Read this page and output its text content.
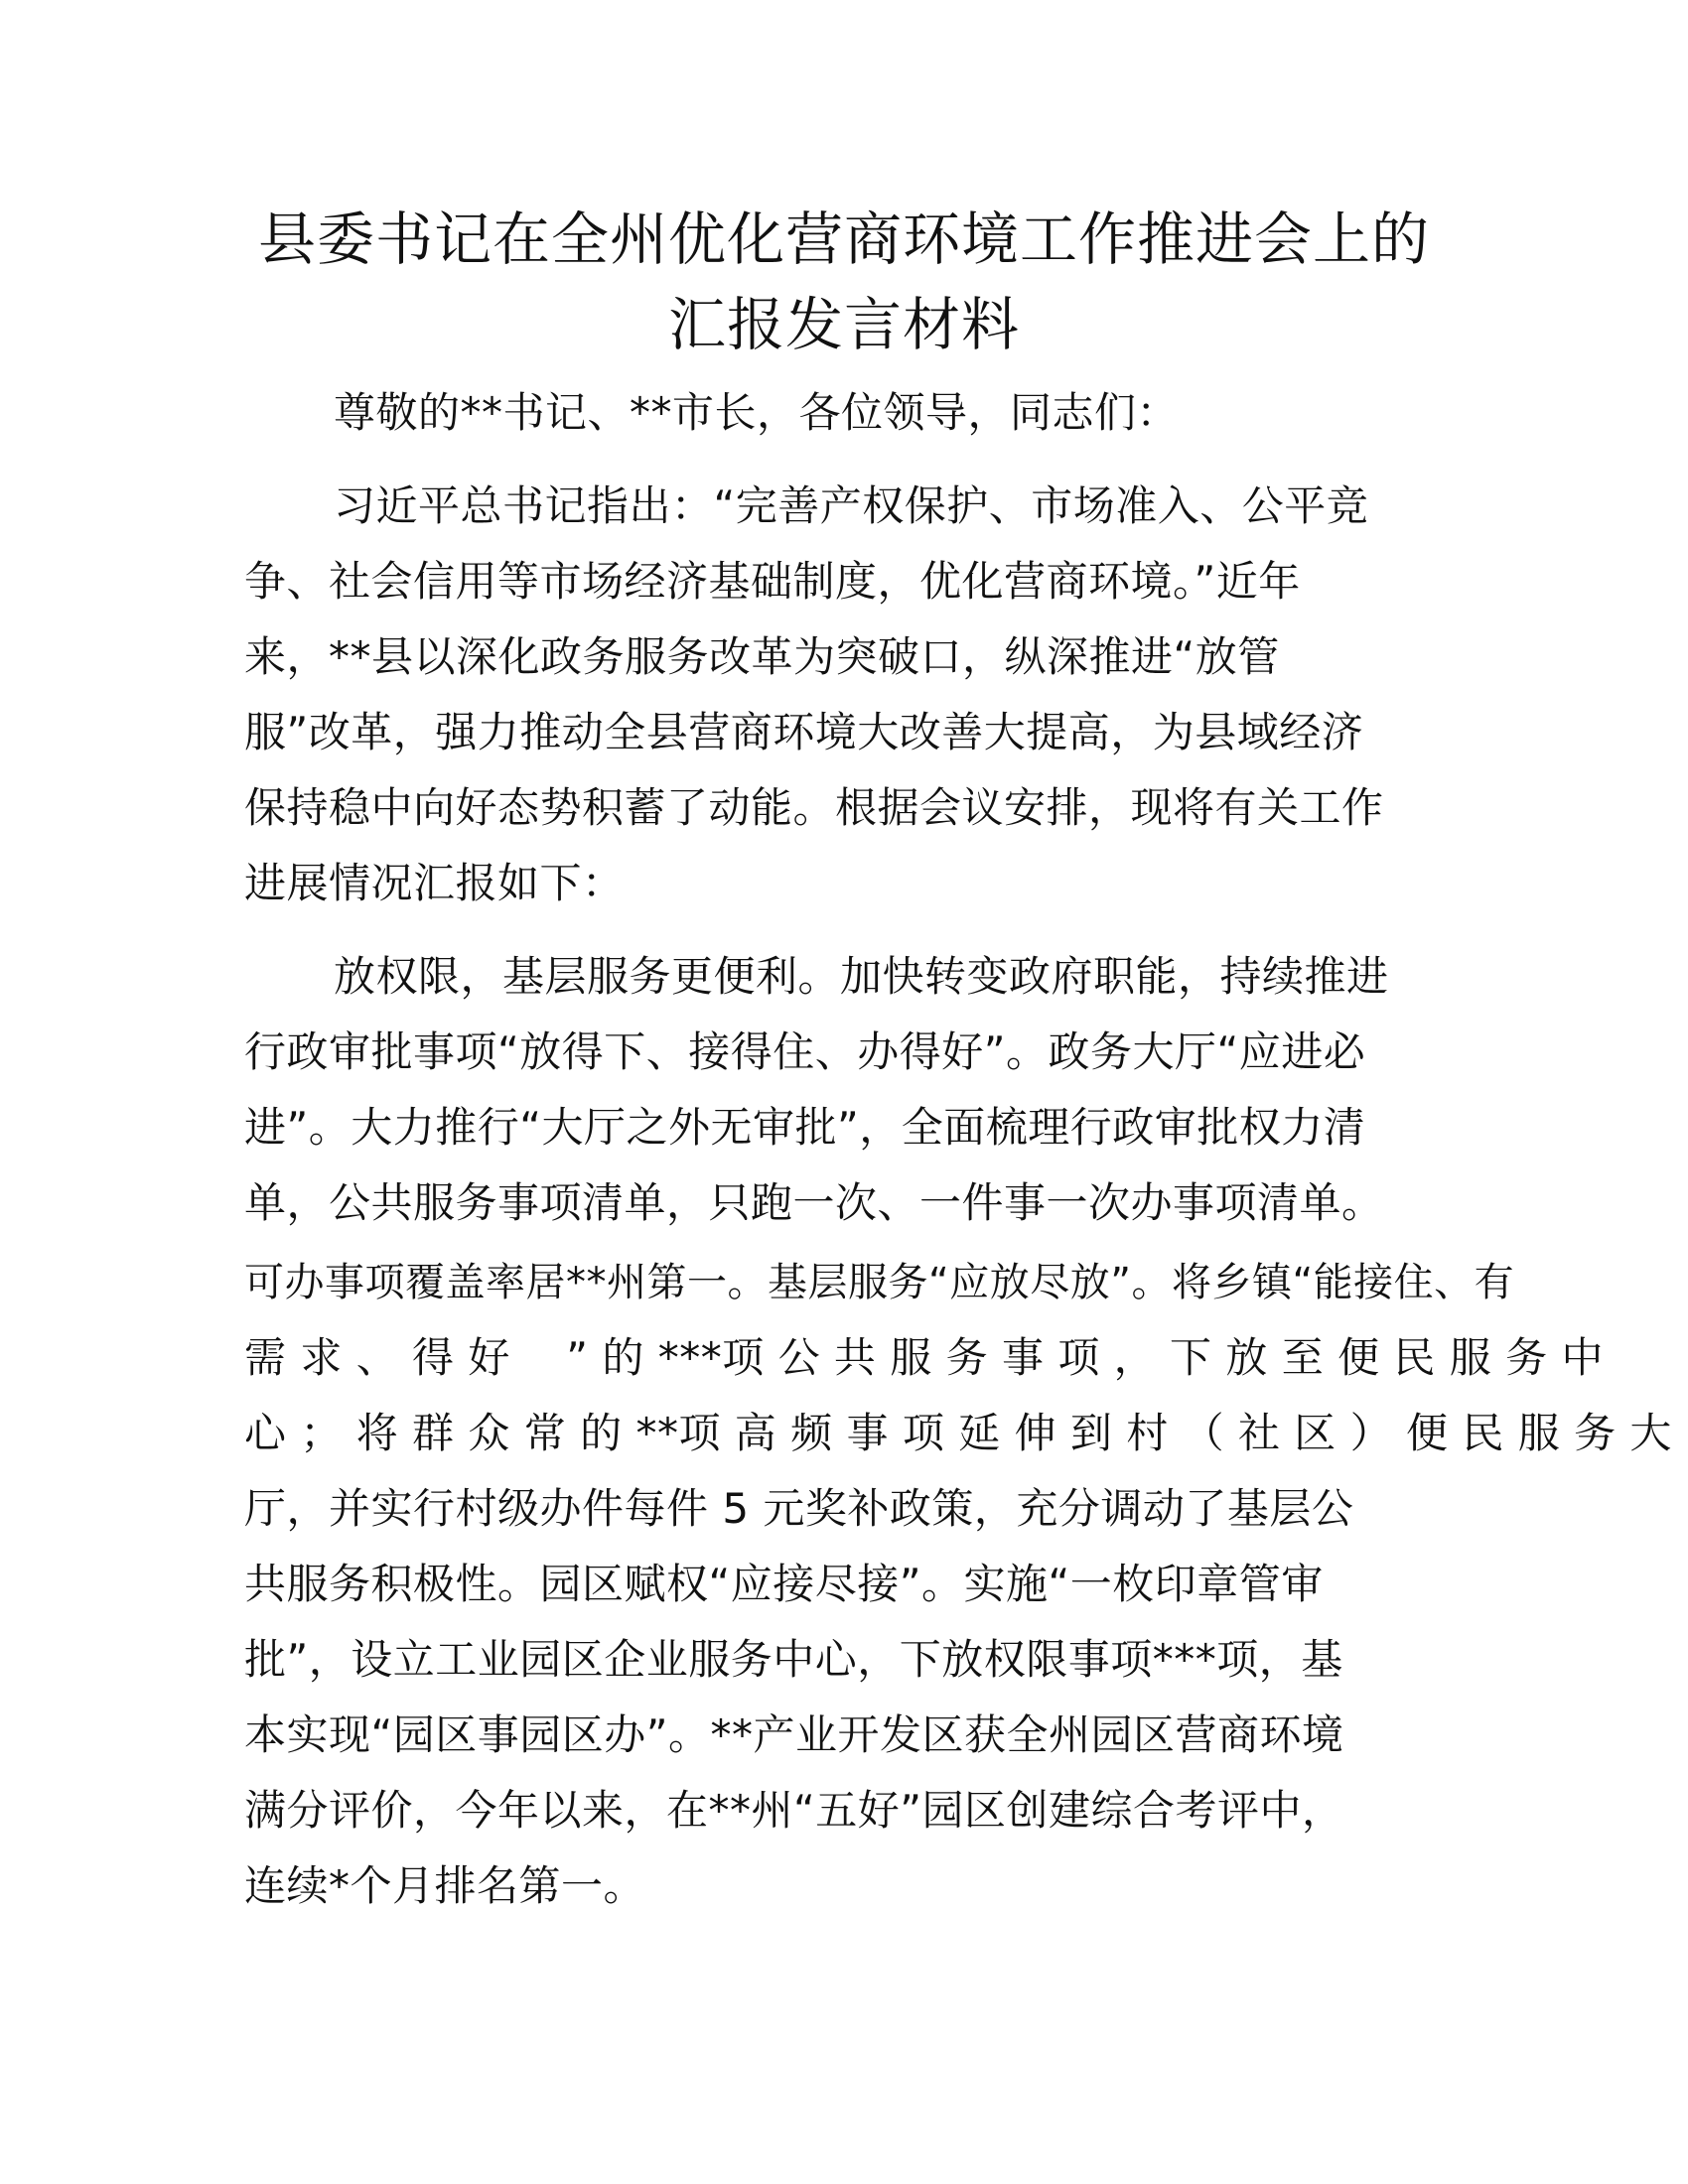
县委书记在全州优化营商环境工作推进会上的
汇报发言材料
尊敬的**书记、**市长，各位领导，同志们：
习近平总书记指出：“完善产权保护、市场准入、公平竞
争、社会信用等市场经济基础制度，优化营商环境。”近年
来，**县以深化政务服务改革为突破口，纵深推进“放管
服”改革，强力推动全县营商环境大改善大提高，为县域经济
保持稳中向好态势积蓄了动能。根据会议安排，现将有关工作
进展情况汇报如下：
放权限，基层服务更便利。加快转变政府职能，持续推进
行政审批事项“放得下、接得住、办得好”。政务大厅“应进必
进”。大力推行“大厅之外无审批”，全面梳理行政审批权力清
单，公共服务事项清单，只跑一次、一件事一次办事项清单。
可办事项覆盖率居**州第一。基层服务“应放尽放”。将乡镇“能接住、有
需 求 、 得 好　 ” 的 ***项 公 共 服 务 事 项 ， 下 放 至 便 民 服 务 中
心 ； 将 群 众 常 的 **项 高 频 事 项 延 伸 到 村 （ 社 区 ） 便 民 服 务 大
厅，并实行村级办件每件 5 元奖补政策，充分调动了基层公
共服务积极性。园区赋权“应接尽接”。实施“一枚印章管审
批”，设立工业园区企业服务中心，下放权限事项***项，基
本实现“园区事园区办”。**产业开发区获全州园区营商环境
满分评价，今年以来，在**州“五好”园区创建综合考评中，
连续*个月排名第一。
